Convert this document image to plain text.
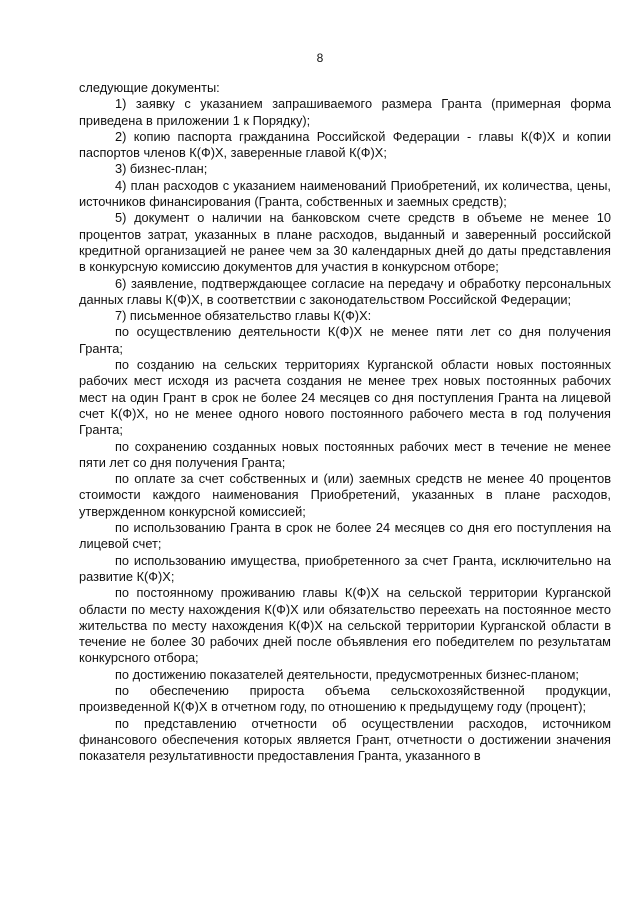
8

следующие документы:

1) заявку с указанием запрашиваемого размера Гранта (примерная форма приведена в приложении 1 к Порядку);

2) копию паспорта гражданина Российской Федерации - главы К(Ф)Х и копии паспортов членов К(Ф)Х, заверенные главой К(Ф)Х;

3) бизнес-план;

4) план расходов с указанием наименований Приобретений, их количества, цены, источников финансирования (Гранта, собственных и заемных средств);

5) документ о наличии на банковском счете средств в объеме не менее 10 процентов затрат, указанных в плане расходов, выданный и заверенный российской кредитной организацией не ранее чем за 30 календарных дней до даты представления в конкурсную комиссию документов для участия в конкурсном отборе;

6) заявление, подтверждающее согласие на передачу и обработку персональных данных главы К(Ф)Х, в соответствии с законодательством Российской Федерации;

7) письменное обязательство главы К(Ф)Х:

по осуществлению деятельности К(Ф)Х не менее пяти лет со дня получения Гранта;

по созданию на сельских территориях Курганской области новых постоянных рабочих мест исходя из расчета создания не менее трех новых постоянных рабочих мест на один Грант в срок не более 24 месяцев со дня поступления Гранта на лицевой счет К(Ф)Х, но не менее одного нового постоянного рабочего места в год получения Гранта;

по сохранению созданных новых постоянных рабочих мест в течение не менее пяти лет со дня получения Гранта;

по оплате за счет собственных и (или) заемных средств не менее 40 процентов стоимости каждого наименования Приобретений, указанных в плане расходов, утвержденном конкурсной комиссией;

по использованию Гранта в срок не более 24 месяцев со дня его поступления на лицевой счет;

по использованию имущества, приобретенного за счет Гранта, исключительно на развитие К(Ф)Х;

по постоянному проживанию главы К(Ф)Х на сельской территории Курганской области по месту нахождения К(Ф)Х или обязательство переехать на постоянное место жительства по месту нахождения К(Ф)Х на сельской территории Курганской области в течение не более 30 рабочих дней после объявления его победителем по результатам конкурсного отбора;

по достижению показателей деятельности, предусмотренных бизнес-планом;

по обеспечению прироста объема сельскохозяйственной продукции, произведенной К(Ф)Х в отчетном году, по отношению к предыдущему году (процент);

по представлению отчетности об осуществлении расходов, источником финансового обеспечения которых является Грант, отчетности о достижении значения показателя результативности предоставления Гранта, указанного в
